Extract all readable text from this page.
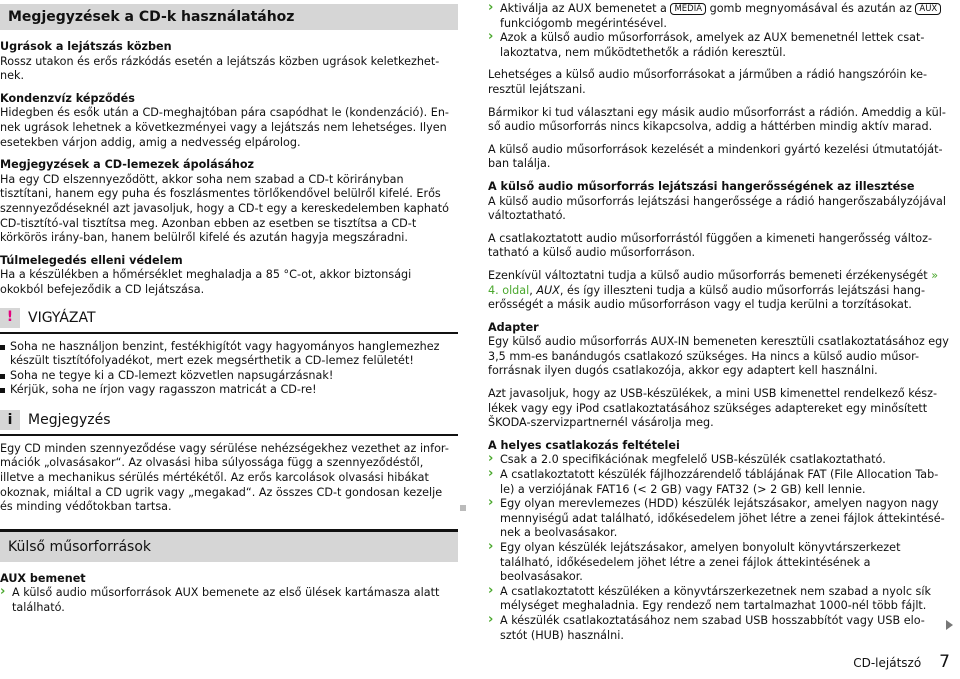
Megjegyzések a CD-k használatához
Ugrások a lejátszás közben

Rossz utakon és erős rázkódás esetén a lejátszás közben ugrások keletkezhet-nek.

Kondenzvíz képződés

Hidegben és esők után a CD-meghajtóban pára csapódhat le (kondenzáció). En-nek ugrások lehetnek a következményei vagy a lejátszás nem lehetséges. Ilyen esetekben várjon addig, amig a nedvesség elpárolog.

Megjegyzések a CD-lemezek ápolásához

Ha egy CD elszennyeződött, akkor soha nem szabad a CD-t körirányban tisztítani, hanem egy puha és foszlásmentes törlőkendővel belülről kifelé. Erős szennyeződéseknél azt javasoljuk, hogy a CD-t egy a kereskedelemben kapható CD-tisztító-val tisztítsa meg. Azonban ebben az esetben se tisztítsa a CD-t körkörös irány-ban, hanem belülről kifelé és azután hagyja megszáradni.

Túlmelegedés elleni védelem

Ha a készülékben a hőmérséklet meghaladja a 85 °C-ot, akkor biztonsági okokból befejeződik a CD lejátszása.

!	VIGYÁZAT
Soha ne használjon benzint, festékhigítót vagy hagyományos hanglemezhez készült tisztítófolyadékot, mert ezek megsérthetik a CD-lemez felületét!
Soha ne tegye ki a CD-lemezt közvetlen napsugárzásnak!
Kérjük, soha ne írjon vagy ragasszon matricát a CD-re!
i	Megjegyzés

Egy CD minden szennyeződése vagy sérülése nehézségekhez vezethet az infor-mációk „olvasásakor“. Az olvasási hiba súlyossága függ a szennyeződéstől, illetve a mechanikus sérülés mértékétől. Az erős karcolások olvasási hibákat okoznak, miáltal a CD ugrik vagy „megakad“. Az összes CD-t gondosan kezelje és minding védőtokban tartsa.

Külső műsorforrások
AUX bemenet
› A külső audio műsorforrások AUX bemenete az első ülések kartámasza alatt található.
› Aktiválja az AUX bemenetet a MEDIA gomb megnyomásával és azután az AUX funkciógomb megérintésével.
› Azok a külső audio műsorforrások, amelyek az AUX bemenetnél lettek csat-lakoztatva, nem működtethetők a rádión keresztül.

Lehetséges a külső audio műsorforrásokat a járműben a rádió hangszóróin ke-resztül lejátszani.

Bármikor ki tud választani egy másik audio műsorforrást a rádión. Ameddig a kül-ső audio műsorforrás nincs kikapcsolva, addig a háttérben mindig aktív marad.

A külső audio műsorforrások kezelését a mindenkori gyártó kezelési útmutatóját-ban találja.

A külső audio műsorforrás lejátszási hangerősségének az illesztése

A külső audio műsorforrás lejátszási hangerőssége a rádió hangerőszabályzójával változtatható.

A csatlakoztatott audio műsorforrástól függően a kimeneti hangerősség változ-tatható a külső audio műsorforráson.

Ezenkívül változtatni tudja a külső audio műsorforrás bemeneti érzékenységét » 4. oldal, AUX, és így illeszteni tudja a külső audio műsorforrás lejátszási hang-erősségét a másik audio műsorforráson vagy el tudja kerülni a torzításokat.

Adapter

Egy külső audio műsorforrás AUX-IN bemeneten keresztüli csatlakoztatásához egy 3,5 mm-es banándugós csatlakozó szükséges. Ha nincs a külső audio műsor-forrásnak ilyen dugós csatlakozója, akkor egy adaptert kell használni.

Azt javasoljuk, hogy az USB-készülékek, a mini USB kimenettel rendelkező kész-lékek vagy egy iPod csatlakoztatásához szükséges adaptereket egy minősített ŠKODA-szervizpartnernél vásárolja meg.

A helyes csatlakozás feltételei
› Csak a 2.0 specifikációnak megfelelő USB-készülék csatlakoztatható.
› A csatlakoztatott készülék fájlhozzárendelő táblájának FAT (File Allocation Tab-le) a verziójának FAT16 (< 2 GB) vagy FAT32 (> 2 GB) kell lennie.
› Egy olyan merevlemezes (HDD) készülék lejátszásakor, amelyen nagyon nagy mennyiségű adat található, időkésedelem jöhet létre a zenei fájlok áttekintésé-nek a beolvasásakor.
› Egy olyan készülék lejátszásakor, amelyen bonyolult könyvtárszerkezet található, időkésedelem jöhet létre a zenei fájlok áttekintésének a beolvasásakor.
› A csatlakoztatott készüléken a könyvtárszerkezetnek nem szabad a nyolc sík mélységet meghaladnia. Egy rendező nem tartalmazhat 1000-nél több fájlt.
› A készülék csatlakoztatásához nem szabad USB hosszabbítót vagy USB elo-sztót (HUB) használni.
CD-lejátszó 7
